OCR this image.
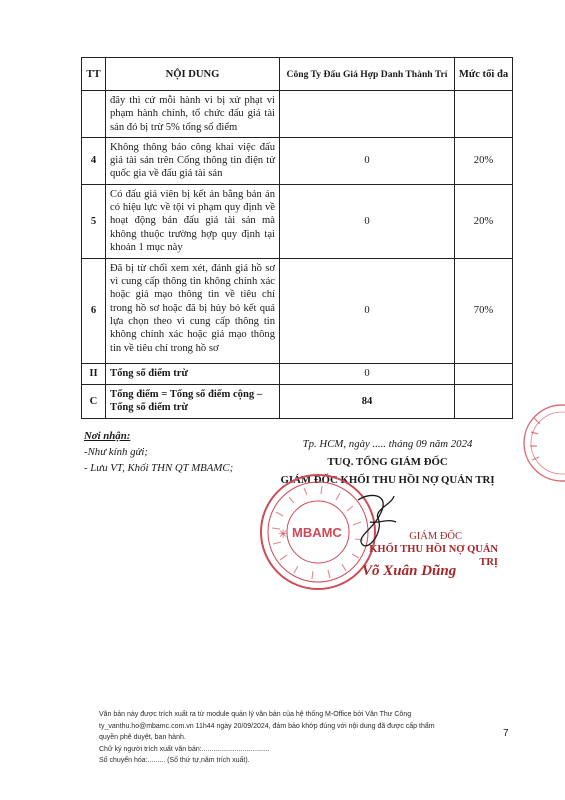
TT	NỘI DUNG	Công Ty Đấu Giá Hợp Danh Thành Trí	Mức tối đa
	đây thì cứ mỗi hành vi bị xử phạt vi phạm hành chính, tổ chức đấu giá tài sản đó bị trừ 5% tổng số điểm		
4	Không thông báo công khai việc đấu giá tài sản trên Cổng thông tin điện tử quốc gia về đấu giá tài sản	0	20%
5	Có đấu giá viên bị kết án bằng bản án có hiệu lực về tội vi phạm quy định về hoạt động bán đấu giá tài sản mà không thuộc trường hợp quy định tại khoản 1 mục này	0	20%
6	Đã bị từ chối xem xét, đánh giá hồ sơ vì cung cấp thông tin không chính xác hoặc giả mạo thông tin về tiêu chí trong hồ sơ hoặc đã bị hủy bỏ kết quả lựa chọn theo vì cung cấp thông tin không chính xác hoặc giả mạo thông tin về tiêu chí trong hồ sơ	0	70%
II	Tổng số điểm trừ	0	
C	Tổng điểm = Tổng số điểm cộng – Tổng số điểm trừ	84	
Nơi nhận:
-Như kính gửi;
- Lưu VT, Khối THN QT MBAMC;
Tp. HCM, ngày ..... tháng 09 năm 2024
TUQ. TỔNG GIÁM ĐỐC
GIÁM ĐỐC KHỐI THU HỒI NỢ QUẢN TRỊ
✳ MBAMC	GIÁM ĐỐC
KHỐI THU HỒI NỢ QUẢN TRỊ
Võ Xuân Dũng
Văn bản này được trích xuất ra từ module quản lý văn bản của hệ thống M-Office bởi Văn Thư Công
ty_vanthu.ho@mbamc.com.vn 11h44 ngày 20/09/2024, đảm bảo khớp đúng với nội dung đã được cấp thẩm
quyền phê duyệt, ban hành.
Chữ ký người trích xuất văn bản:...................................
Số chuyển hóa:......... (Số thứ tự,năm trích xuất).
7
